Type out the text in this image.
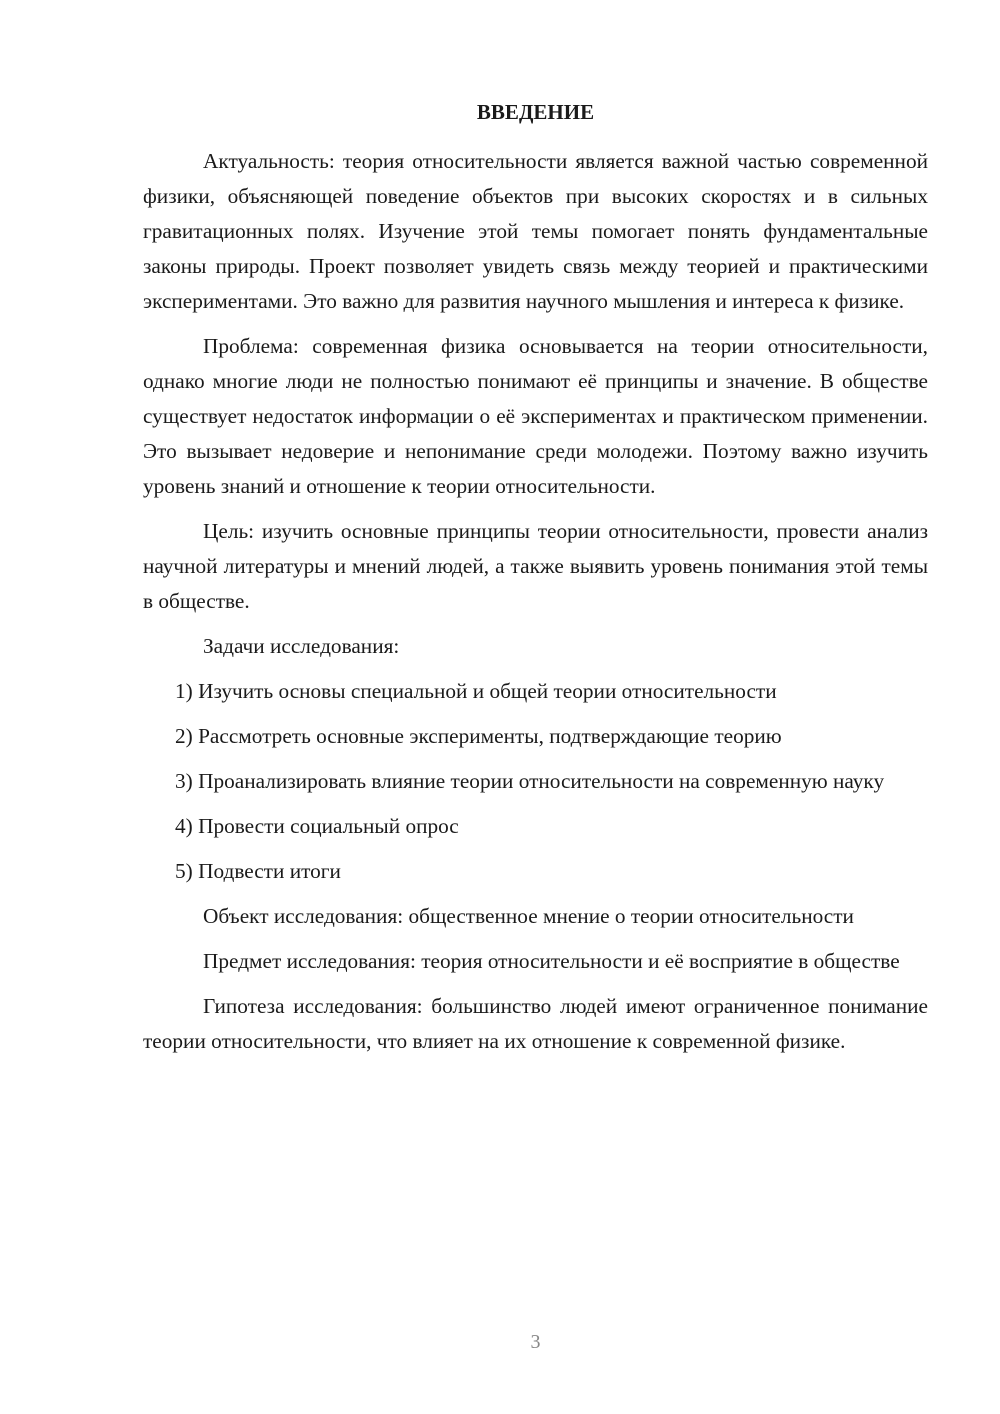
ВВЕДЕНИЕ

Актуальность: теория относительности является важной частью современной физики, объясняющей поведение объектов при высоких скоростях и в сильных гравитационных полях. Изучение этой темы помогает понять фундаментальные законы природы. Проект позволяет увидеть связь между теорией и практическими экспериментами. Это важно для развития научного мышления и интереса к физике.

Проблема: современная физика основывается на теории относительности, однако многие люди не полностью понимают её принципы и значение. В обществе существует недостаток информации о её экспериментах и практическом применении. Это вызывает недоверие и непонимание среди молодежи. Поэтому важно изучить уровень знаний и отношение к теории относительности.

Цель: изучить основные принципы теории относительности, провести анализ научной литературы и мнений людей, а также выявить уровень понимания этой темы в обществе.

Задачи исследования:

1) Изучить основы специальной и общей теории относительности

2) Рассмотреть основные эксперименты, подтверждающие теорию

3) Проанализировать влияние теории относительности на современную науку

4) Провести социальный опрос

5) Подвести итоги

Объект исследования: общественное мнение о теории относительности

Предмет исследования: теория относительности и её восприятие в обществе

Гипотеза исследования: большинство людей имеют ограниченное понимание теории относительности, что влияет на их отношение к современной физике.

3
